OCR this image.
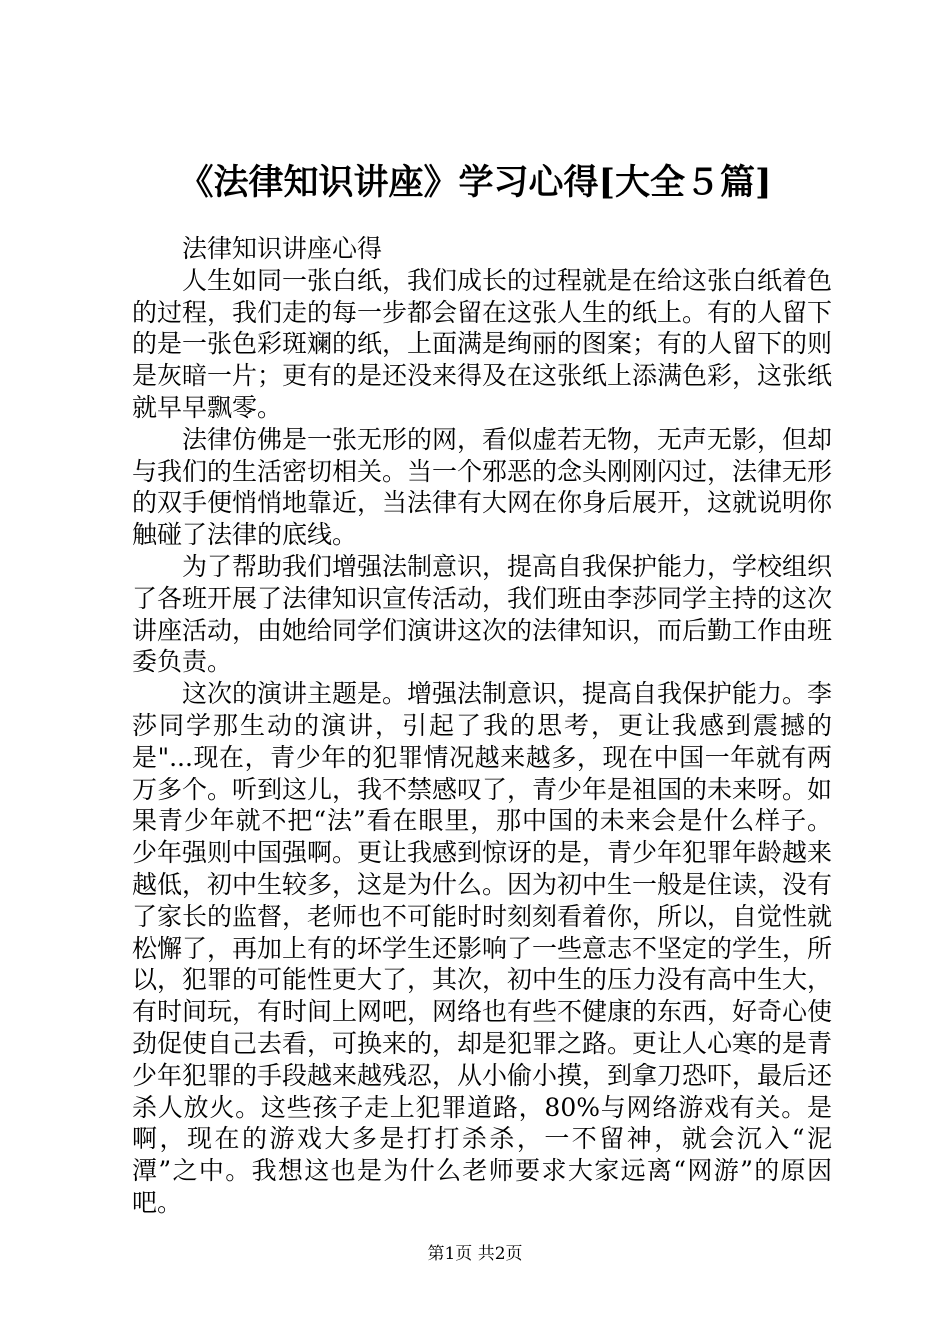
《法律知识讲座》学习心得[大全５篇]

法律知识讲座心得

人生如同一张白纸，我们成长的过程就是在给这张白纸着色的过程，我们走的每一步都会留在这张人生的纸上。有的人留下的是一张色彩斑斓的纸，上面满是绚丽的图案；有的人留下的则是灰暗一片；更有的是还没来得及在这张纸上添满色彩，这张纸就早早飘零。

法律仿佛是一张无形的网，看似虚若无物，无声无影，但却与我们的生活密切相关。当一个邪恶的念头刚刚闪过，法律无形的双手便悄悄地靠近，当法律有大网在你身后展开，这就说明你触碰了法律的底线。

为了帮助我们增强法制意识，提高自我保护能力，学校组织了各班开展了法律知识宣传活动，我们班由李莎同学主持的这次讲座活动，由她给同学们演讲这次的法律知识，而后勤工作由班委负责。

这次的演讲主题是。增强法制意识，提高自我保护能力。李莎同学那生动的演讲，引起了我的思考，更让我感到震撼的是"...现在，青少年的犯罪情况越来越多，现在中国一年就有两万多个。听到这儿，我不禁感叹了，青少年是祖国的未来呀。如果青少年就不把“法”看在眼里，那中国的未来会是什么样子。少年强则中国强啊。更让我感到惊讶的是，青少年犯罪年龄越来越低，初中生较多，这是为什么。因为初中生一般是住读，没有了家长的监督，老师也不可能时时刻刻看着你，所以，自觉性就松懈了，再加上有的坏学生还影响了一些意志不坚定的学生，所以，犯罪的可能性更大了，其次，初中生的压力没有高中生大，有时间玩，有时间上网吧，网络也有些不健康的东西，好奇心使劲促使自己去看，可换来的，却是犯罪之路。更让人心寒的是青少年犯罪的手段越来越残忍，从小偷小摸，到拿刀恐吓，最后还杀人放火。这些孩子走上犯罪道路，80%与网络游戏有关。是啊，现在的游戏大多是打打杀杀，一不留神，就会沉入“泥潭”之中。我想这也是为什么老师要求大家远离“网游”的原因吧。

第1页 共2页
